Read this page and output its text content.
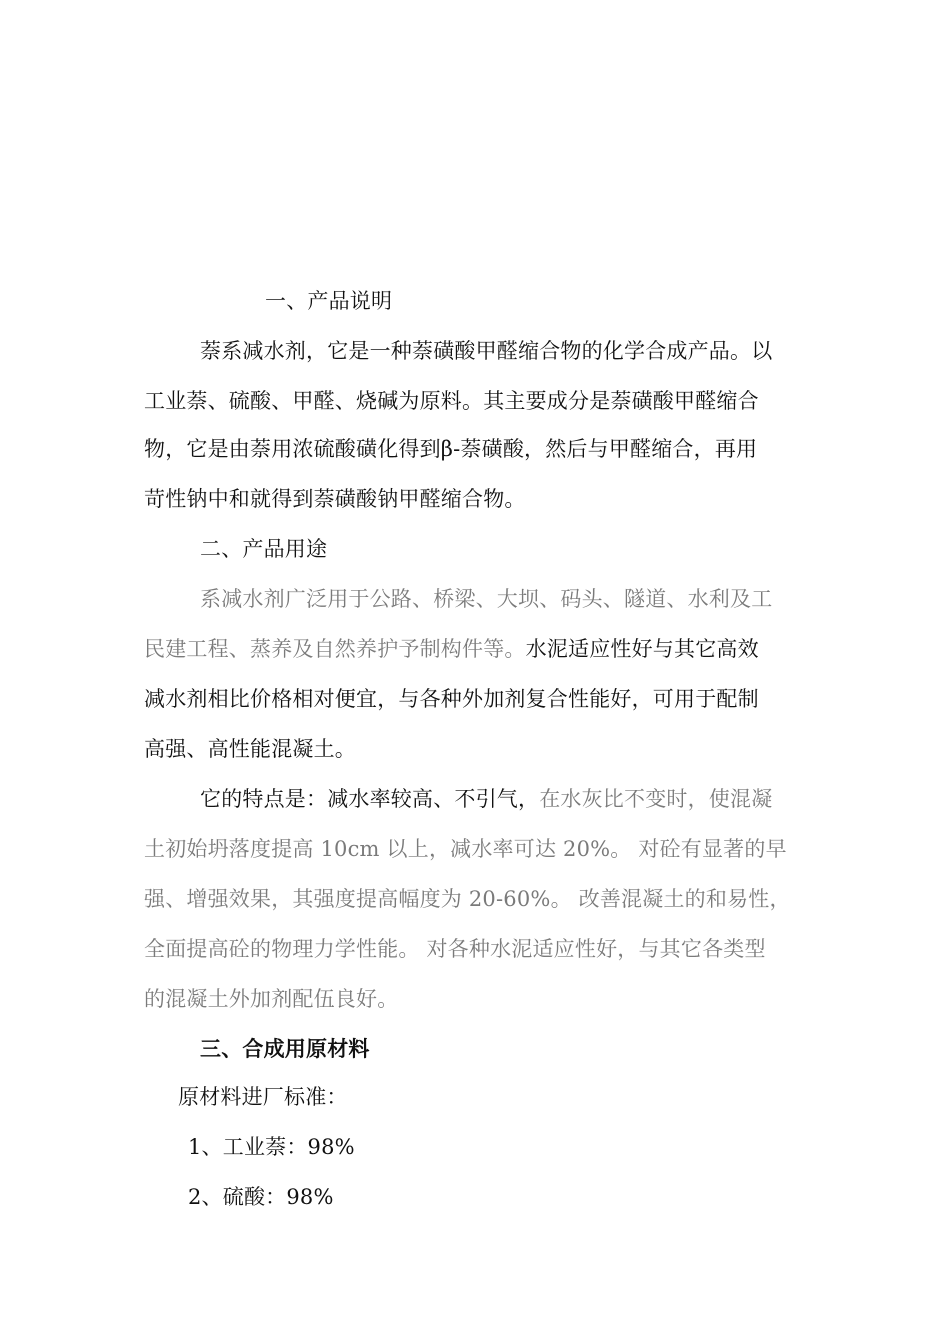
一、产品说明
萘系减水剂，它是一种萘磺酸甲醛缩合物的化学合成产品。以
工业萘、硫酸、甲醛、烧碱为原料。其主要成分是萘磺酸甲醛缩合
物，它是由萘用浓硫酸磺化得到β-萘磺酸，然后与甲醛缩合，再用
苛性钠中和就得到萘磺酸钠甲醛缩合物。
二、产品用途
系减水剂广泛用于公路、桥梁、大坝、码头、隧道、水利及工
民建工程、蒸养及自然养护予制构件等。水泥适应性好与其它高效
减水剂相比价格相对便宜，与各种外加剂复合性能好，可用于配制
高强、高性能混凝土。
它的特点是：减水率较高、不引气，在水灰比不变时，使混凝
土初始坍落度提高 10cm 以上，减水率可达 20%。 对砼有显著的早
强、增强效果，其强度提高幅度为 20-60%。 改善混凝土的和易性，
全面提高砼的物理力学性能。 对各种水泥适应性好，与其它各类型
的混凝土外加剂配伍良好。
三、合成用原材料
原材料进厂标准：
1、工业萘：98%
2、硫酸：98%
